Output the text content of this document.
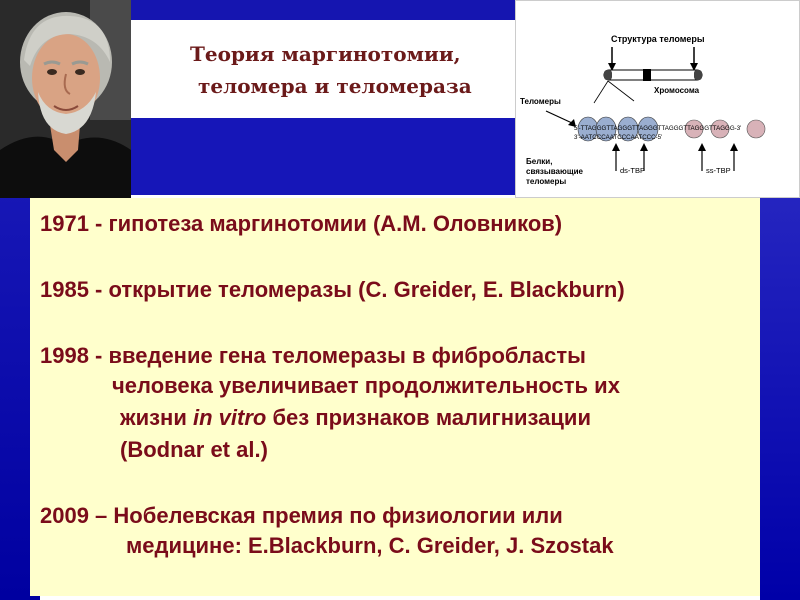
Теория маргинотомии,
теломера и теломераза
Структура теломеры
Хромосома
Теломеры
5'-TTAGGGTTAGGGTTAGGGTTAGGGTTAGGGTTAGGG-3'
3'-AATCCCAATCCCAATCCC-5'
Белки,
связывающие
теломеры
ds-TBP	ss-TBP
1971 - гипотеза маргинотомии (А.М. Оловников)
1985 - открытие теломеразы (C. Greider, E. Blackburn)
1998 - введение гена теломеразы в фибробласты
человека увеличивает продолжительность их
жизни in vitro без признаков малигнизации
(Bodnar et al.)
2009 – Нобелевская премия по физиологии или
медицине: E.Blackburn, C. Greider, J. Szostak
